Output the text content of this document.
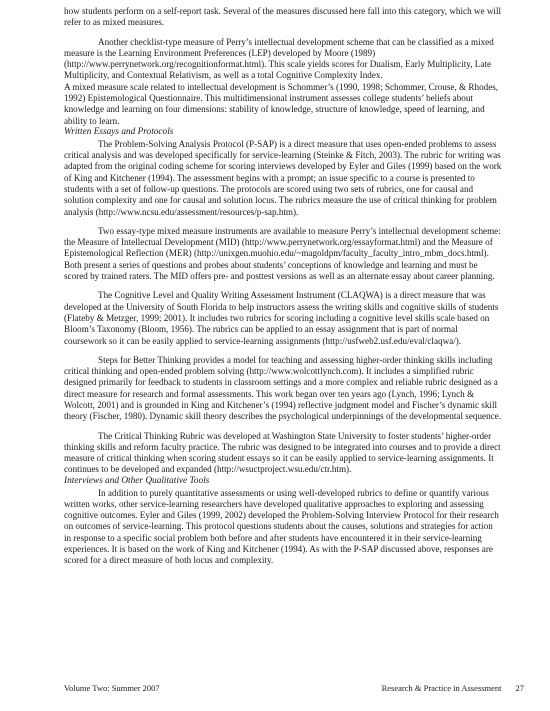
how students perform on a self-report task. Several of the measures discussed here fall into this category, which we will refer to as mixed measures.

Another checklist-type measure of Perry’s intellectual development scheme that can be classified as a mixed measure is the Learning Environment Preferences (LEP) developed by Moore (1989) (http://www.perrynetwork.org/recognitionformat.html). This scale yields scores for Dualism, Early Multiplicity, Late Multiplicity, and Contextual Relativism, as well as a total Cognitive Complexity Index.

A mixed measure scale related to intellectual development is Schommer’s (1990, 1998; Schommer, Crouse, & Rhodes, 1992) Epistemological Questionnaire. This multidimensional instrument assesses college students’ beliefs about knowledge and learning on four dimensions: stability of knowledge, structure of knowledge, speed of learning, and ability to learn.

Written Essays and Protocols

The Problem-Solving Analysis Protocol (P-SAP) is a direct measure that uses open-ended problems to assess critical analysis and was developed specifically for service-learning (Steinke & Fitch, 2003). The rubric for writing was adapted from the original coding scheme for scoring interviews developed by Eyler and Giles (1999) based on the work of King and Kitchener (1994). The assessment begins with a prompt; an issue specific to a course is presented to students with a set of follow-up questions. The protocols are scored using two sets of rubrics, one for causal and solution complexity and one for causal and solution locus. The rubrics measure the use of critical thinking for problem analysis (http://www.ncsu.edu/assessment/resources/p-sap.htm).

Two essay-type mixed measure instruments are available to measure Perry’s intellectual development scheme: the Measure of Intellectual Development (MID) (http://www.perrynetwork.org/essayformat.html) and the Measure of Epistemological Reflection (MER) (http://unixgen.muohio.edu/~magoldpm/faculty_faculty_intro_mbm_docs.html). Both present a series of questions and probes about students’ conceptions of knowledge and learning and must be scored by trained raters. The MID offers pre- and posttest versions as well as an alternate essay about career planning.

The Cognitive Level and Quality Writing Assessment Instrument (CLAQWA) is a direct measure that was developed at the University of South Florida to help instructors assess the writing skills and cognitive skills of students (Flateby & Metzger, 1999; 2001). It includes two rubrics for scoring including a cognitive level skills scale based on Bloom’s Taxonomy (Bloom, 1956). The rubrics can be applied to an essay assignment that is part of normal coursework so it can be easily applied to service-learning assignments (http://usfweb2.usf.edu/eval/claqwa/).

Steps for Better Thinking provides a model for teaching and assessing higher-order thinking skills including critical thinking and open-ended problem solving (http://www.wolcottlynch.com). It includes a simplified rubric designed primarily for feedback to students in classroom settings and a more complex and reliable rubric designed as a direct measure for research and formal assessments. This work began over ten years ago (Lynch, 1996; Lynch & Wolcott, 2001) and is grounded in King and Kitchener’s (1994) reflective judgment model and Fischer’s dynamic skill theory (Fischer, 1980). Dynamic skill theory describes the psychological underpinnings of the developmental sequence.

The Critical Thinking Rubric was developed at Washington State University to foster students’ higher-order thinking skills and reform faculty practice. The rubric was designed to be integrated into courses and to provide a direct measure of critical thinking when scoring student essays so it can be easily applied to service-learning assignments. It continues to be developed and expanded (http://wsuctproject.wsu.edu/ctr.htm).

Interviews and Other Qualitative Tools

In addition to purely quantitative assessments or using well-developed rubrics to define or quantify various written works, other service-learning researchers have developed qualitative approaches to exploring and assessing cognitive outcomes. Eyler and Giles (1999, 2002) developed the Problem-Solving Interview Protocol for their research on outcomes of service-learning. This protocol questions students about the causes, solutions and strategies for action in response to a specific social problem both before and after students have encountered it in their service-learning experiences. It is based on the work of King and Kitchener (1994). As with the P-SAP discussed above, responses are scored for a direct measure of both locus and complexity.

Volume Two: Summer 2007	Research & Practice in Assessment 27
